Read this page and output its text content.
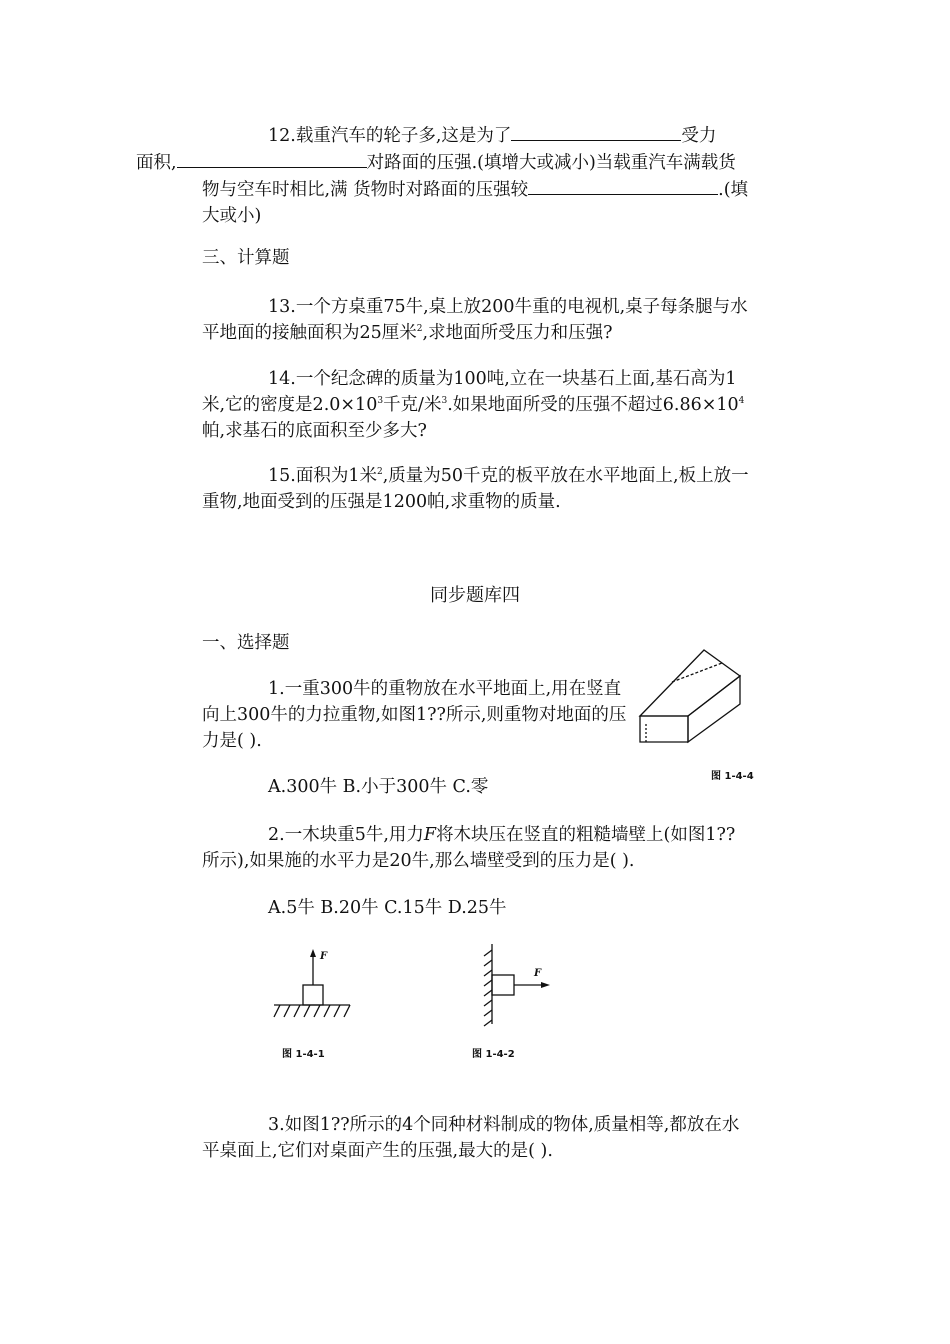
12.载重汽车的轮子多,这是为了	受力
面积,	对路面的压强.(填增大或减小)当载重汽车满载货物与空车时相比,满 货物时对路面的压强较	.(填大或小)

三、计算题

13.一个方桌重75牛,桌上放200牛重的电视机,桌子每条腿与水平地面的接触面积为25厘米$^2$,求地面所受压力和压强?

14.一个纪念碑的质量为100吨,立在一块基石上面,基石高为1米,它的密度是$2.0\times 10^3$千克/米$^3$.如果地面所受的压强不超过$6.86\times 10^4$帕,求基石的底面积至少多大?

15.面积为1米$^2$,质量为50千克的板平放在水平地面上,板上放一重物,地面受到的压强是1200帕,求重物的质量.

同步题库四

一、选择题

1.一重300牛的重物放在水平地面上,用在竖直向上300牛的力拉重物,如图1??所示,则重物对地面的压力是( ).

A.300牛 B.小于300牛 C.零

图 1-4-4

2.一木块重5牛,用力F将木块压在竖直的粗糙墙壁上(如图1??所示),如果施的水平力是20牛,那么墙壁受到的压力是( ).

A.5牛 B.20牛 C.15牛 D.25牛

F
图 1-4-1
F
图 1-4-2

3.如图1??所示的4个同种材料制成的物体,质量相等,都放在水平桌面上,它们对桌面产生的压强,最大的是( ).
